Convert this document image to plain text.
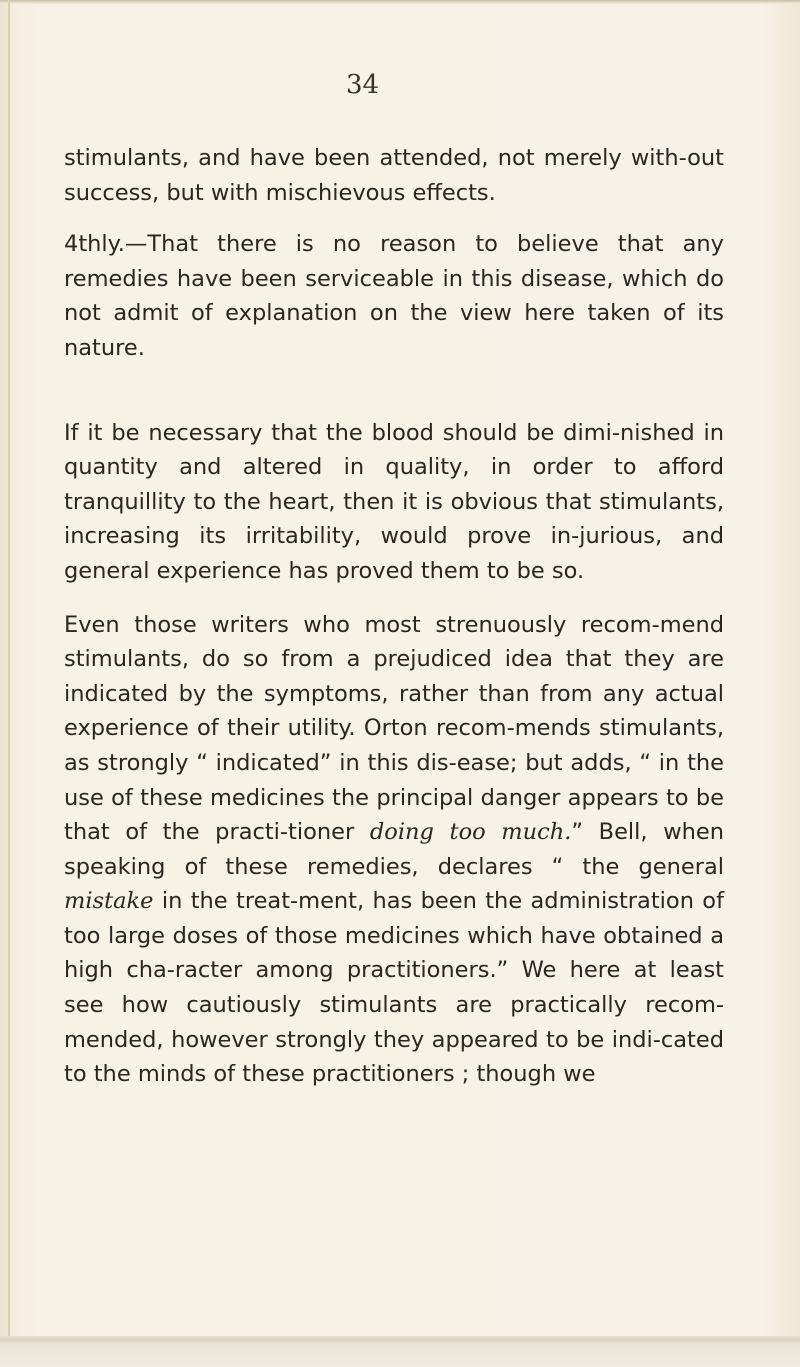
34

stimulants, and have been attended, not merely with-out success, but with mischievous effects.

4thly.—That there is no reason to believe that any remedies have been serviceable in this disease, which do not admit of explanation on the view here taken of its nature.

If it be necessary that the blood should be dimi-nished in quantity and altered in quality, in order to afford tranquillity to the heart, then it is obvious that stimulants, increasing its irritability, would prove in-jurious, and general experience has proved them to be so.

Even those writers who most strenuously recom-mend stimulants, do so from a prejudiced idea that they are indicated by the symptoms, rather than from any actual experience of their utility. Orton recom-mends stimulants, as strongly “ indicated” in this dis-ease; but adds, “ in the use of these medicines the principal danger appears to be that of the practi-tioner doing too much.” Bell, when speaking of these remedies, declares “ the general mistake in the treat-ment, has been the administration of too large doses of those medicines which have obtained a high cha-racter among practitioners.” We here at least see how cautiously stimulants are practically recom-mended, however strongly they appeared to be indi-cated to the minds of these practitioners ; though we
